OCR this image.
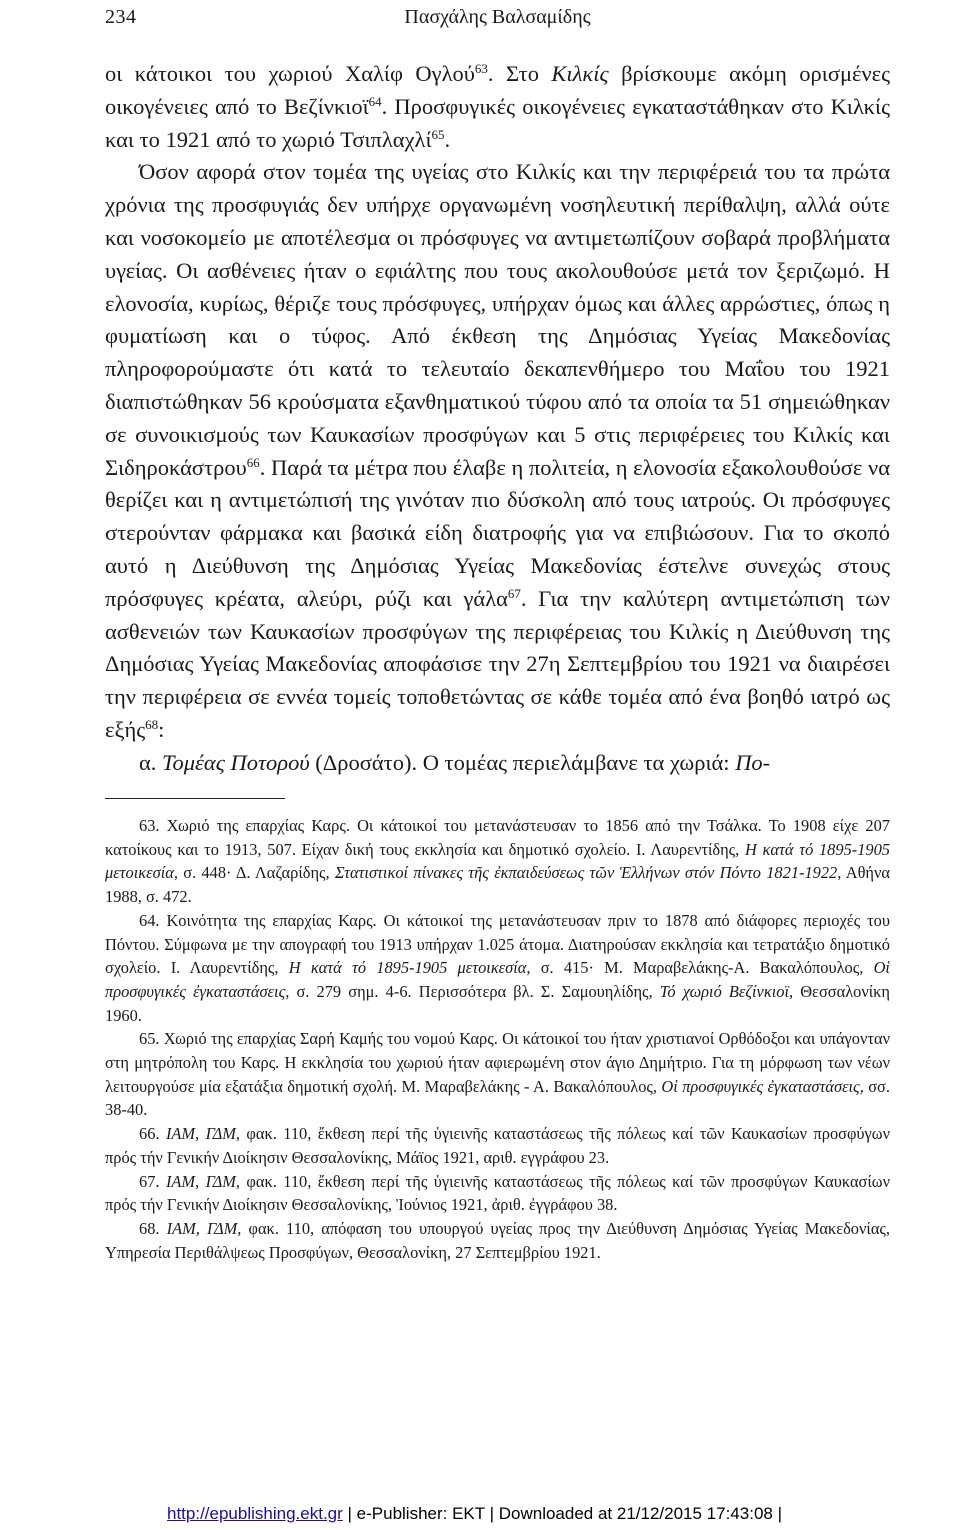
234	Πασχάλης Βαλσαμίδης

οι κάτοικοι του χωριού Χαλίφ Ογλού$^{63}$. Στο Κιλκίς βρίσκουμε ακόμη ορισμένες οικογένειες από το Βεζίνκιοϊ$^{64}$. Προσφυγικές οικογένειες εγκαταστάθηκαν στο Κιλκίς και το 1921 από το χωριό Τσιπλαχλί$^{65}$.

Όσον αφορά στον τομέα της υγείας στο Κιλκίς και την περιφέρειά του τα πρώτα χρόνια της προσφυγιάς δεν υπήρχε οργανωμένη νοσηλευτική περίθαλψη, αλλά ούτε και νοσοκομείο με αποτέλεσμα οι πρόσφυγες να αντιμετωπίζουν σοβαρά προβλήματα υγείας. Οι ασθένειες ήταν ο εφιάλτης που τους ακολουθούσε μετά τον ξεριζωμό. Η ελονοσία, κυρίως, θέριζε τους πρόσφυγες, υπήρχαν όμως και άλλες αρρώστιες, όπως η φυματίωση και ο τύφος. Από έκθεση της Δημόσιας Υγείας Μακεδονίας πληροφορούμαστε ότι κατά το τελευταίο δεκαπενθήμερο του Μαΐου του 1921 διαπιστώθηκαν 56 κρούσματα εξανθηματικού τύφου από τα οποία τα 51 σημειώθηκαν σε συνοικισμούς των Καυκασίων προσφύγων και 5 στις περιφέρειες του Κιλκίς και Σιδηροκάστρου$^{66}$. Παρά τα μέτρα που έλαβε η πολιτεία, η ελονοσία εξακολουθούσε να θερίζει και η αντιμετώπισή της γινόταν πιο δύσκολη από τους ιατρούς. Οι πρόσφυγες στερούνταν φάρμακα και βασικά είδη διατροφής για να επιβιώσουν. Για το σκοπό αυτό η Διεύθυνση της Δημόσιας Υγείας Μακεδονίας έστελνε συνεχώς στους πρόσφυγες κρέατα, αλεύρι, ρύζι και γάλα$^{67}$. Για την καλύτερη αντιμετώπιση των ασθενειών των Καυκασίων προσφύγων της περιφέρειας του Κιλκίς η Διεύθυνση της Δημόσιας Υγείας Μακεδονίας αποφάσισε την 27η Σεπτεμβρίου του 1921 να διαιρέσει την περιφέρεια σε εννέα τομείς τοποθετώντας σε κάθε τομέα από ένα βοηθό ιατρό ως εξής$^{68}$:

α. Τομέας Ποτορού (Δροσάτο). Ο τομέας περιελάμβανε τα χωριά: Πο-

63. Χωριό της επαρχίας Καρς. Οι κάτοικοί του μετανάστευσαν το 1856 από την Τσάλκα. Το 1908 είχε 207 κατοίκους και το 1913, 507. Είχαν δική τους εκκλησία και δημοτικό σχολείο. Ι. Λαυρεντίδης, Η κατά τό 1895-1905 μετοικεσία, σ. 448· Δ. Λαζαρίδης, Στατιστικοί πίνακες τῆς ἐκπαιδεύσεως τῶν Ἑλλήνων στόν Πόντο 1821-1922, Αθήνα 1988, σ. 472.

64. Κοινότητα της επαρχίας Καρς. Οι κάτοικοί της μετανάστευσαν πριν το 1878 από διάφορες περιοχές του Πόντου. Σύμφωνα με την απογραφή του 1913 υπήρχαν 1.025 άτομα. Διατηρούσαν εκκλησία και τετρατάξιο δημοτικό σχολείο. Ι. Λαυρεντίδης, Η κατά τό 1895-1905 μετοικεσία, σ. 415· Μ. Μαραβελάκης-Α. Βακαλόπουλος, Οἱ προσφυγικές ἐγκαταστάσεις, σ. 279 σημ. 4-6. Περισσότερα βλ. Σ. Σαμουηλίδης, Τό χωριό Βεζίνκιοϊ, Θεσσαλονίκη 1960.

65. Χωριό της επαρχίας Σαρή Καμής του νομού Καρς. Οι κάτοικοί του ήταν χριστιανοί Ορθόδοξοι και υπάγονταν στη μητρόπολη του Καρς. Η εκκλησία του χωριού ήταν αφιερωμένη στον άγιο Δημήτριο. Για τη μόρφωση των νέων λειτουργούσε μία εξατάξια δημοτική σχολή. Μ. Μαραβελάκης - Α. Βακαλόπουλος, Οἱ προσφυγικές ἐγκαταστάσεις, σσ. 38-40.

66. ΙΑΜ, ΓΔΜ, φακ. 110, ἔκθεση περί τῆς ὑγιεινῆς καταστάσεως τῆς πόλεως καί τῶν Καυκασίων προσφύγων πρός τήν Γενικήν Διοίκησιν Θεσσαλονίκης, Μάϊος 1921, αριθ. εγγράφου 23.

67. ΙΑΜ, ΓΔΜ, φακ. 110, ἔκθεση περί τῆς ὑγιεινῆς καταστάσεως τῆς πόλεως καί τῶν προσφύγων Καυκασίων πρός τήν Γενικήν Διοίκησιν Θεσσαλονίκης, Ἰούνιος 1921, ἀριθ. ἐγγράφου 38.

68. ΙΑΜ, ΓΔΜ, φακ. 110, απόφαση του υπουργού υγείας προς την Διεύθυνση Δημόσιας Υγείας Μακεδονίας, Υπηρεσία Περιθάλψεως Προσφύγων, Θεσσαλονίκη, 27 Σεπτεμβρίου 1921.

http://epublishing.ekt.gr | e-Publisher: EKT | Downloaded at 21/12/2015 17:43:08 |
